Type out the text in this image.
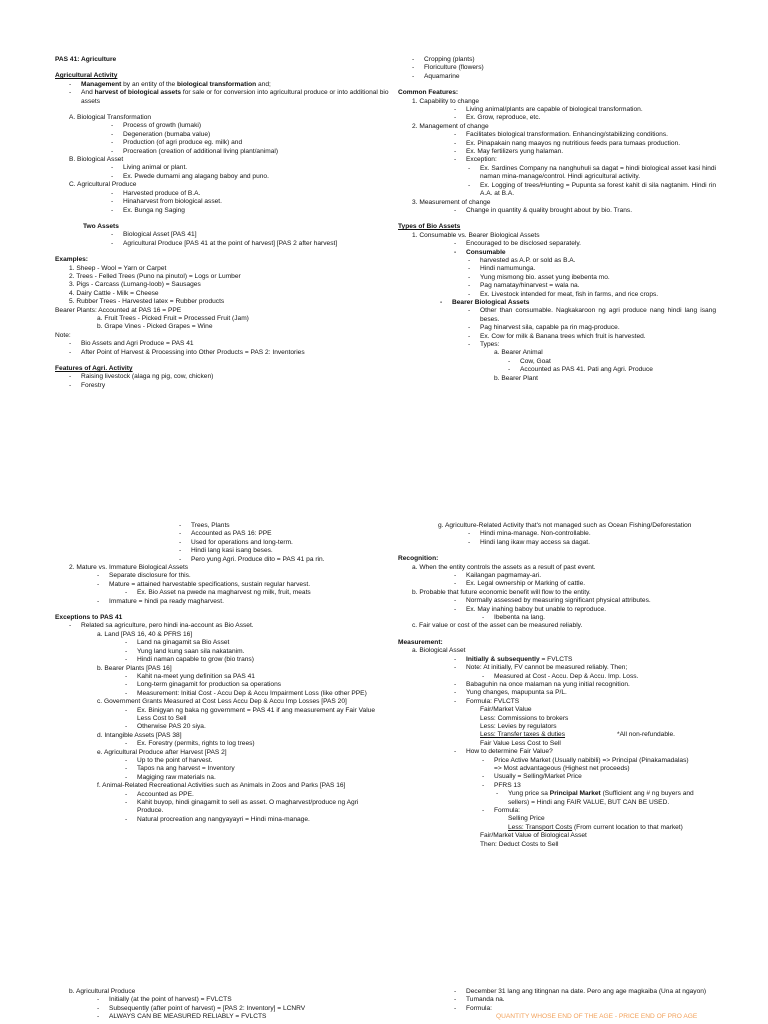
PAS 41: Agriculture
Agricultural Activity
- Management by an entity of the biological transformation and;
-	And harvest of biological assets for sale or for conversion into agricultural produce or into additional bio assets
A. Biological Transformation
- Process of growth (lumaki)
- Degeneration (bumaba value)
- Production (of agri produce eg. milk) and
- Procreation (creation of additional living plant/animal)
B. Biological Asset
- Living animal or plant.
- Ex. Pwede dumami ang alagang baboy and puno.
C. Agricultural Produce
- Harvested produce of B.A.
- Hinaharvest from biological asset.
- Ex. Bunga ng Saging
Two Assets
- Biological Asset [PAS 41]
- Agricultural Produce [PAS 41 at the point of harvest] [PAS 2 after harvest]
Examples:
1. Sheep - Wool = Yarn or Carpet
2. Trees - Felled Trees (Puno na pinutol) = Logs or Lumber
3. Pigs - Carcass (Lumang-loob) = Sausages
4. Dairy Cattle - Milk = Cheese
5. Rubber Trees - Harvested latex = Rubber products
Bearer Plants: Accounted at PAS 16 = PPE
a. Fruit Trees - Picked Fruit = Processed Fruit (Jam)
b. Grape Vines - Picked Grapes = Wine
Note:
- Bio Assets and Agri Produce = PAS 41
- After Point of Harvest & Processing into Other Products = PAS 2: Inventories
Features of Agri. Activity
- Raising livestock (alaga ng pig, cow, chicken)
- Forestry
- Cropping (plants)
- Floriculture (flowers)
- Aquamarine
Common Features:
1. Capability to change
- Living animal/plants are capable of biological transformation.
- Ex. Grow, reproduce, etc.
2. Management of change
- Facilitates biological transformation. Enhancing/stabilizing conditions.
- Ex. Pinapakain nang maayos ng nutritious feeds para tumaas production.
- Ex. May fertilizers yung halaman.
- Exception:
-	Ex. Sardines Company na nanghuhuli sa dagat = hindi biological asset kasi hindi naman mina-manage/control. Hindi agricultural activity.
-	Ex. Logging of trees/Hunting = Pupunta sa forest kahit di sila nagtanim. Hindi rin A.A. at B.A.
3. Measurement of change
- Change in quantity & quality brought about by bio. Trans.
Types of Bio Assets
1. Consumable vs. Bearer Biological Assets
- Encouraged to be disclosed separately.
- Consumable
- harvested as A.P. or sold as B.A.
- Hindi namumunga.
- Yung mismong bio. asset yung ibebenta mo.
- Pag namatay/hinarvest = wala na.
- Ex. Livestock intended for meat, fish in farms, and rice crops.
- Bearer Biological Assets
-	Other than consumable. Nagkakaroon ng agri produce nang hindi lang isang beses.
- Pag hinarvest sila, capable pa rin mag-produce.
- Ex. Cow for milk & Banana trees which fruit is harvested.
- Types:
a. Bearer Animal
- Cow, Goat
- Accounted as PAS 41. Pati ang Agri. Produce
b. Bearer Plant
- Trees, Plants
- Accounted as PAS 16: PPE
- Used for operations and long-term.
- Hindi lang kasi isang beses.
- Pero yung Agri. Produce dito = PAS 41 pa rin.
2. Mature vs. Immature Biological Assets
- Separate disclosure for this.
- Mature = attained harvestable specifications, sustain regular harvest.
- Ex. Bio Asset na pwede na magharvest ng milk, fruit, meats
- Immature = hindi pa ready magharvest.
Exceptions to PAS 41
- Related sa agriculture, pero hindi ina-account as Bio Asset.
a. Land [PAS 16, 40 & PFRS 16]
- Land na ginagamit sa Bio Asset
- Yung land kung saan sila nakatanim.
- Hindi naman capable to grow (bio trans)
b. Bearer Plants [PAS 16]
- Kahit na-meet yung definition sa PAS 41
- Long-term ginagamit for production sa operations
-	Measurement: Initial Cost - Accu Dep & Accu Impairment Loss (like other PPE)
c. Government Grants Measured at Cost Less Accu Dep & Accu Imp Losses [PAS 20]
-	Ex. Binigyan ng baka ng government = PAS 41 if ang measurement ay Fair Value Less Cost to Sell
- Otherwise PAS 20 siya.
d. Intangible Assets [PAS 38]
- Ex. Forestry (permits, rights to log trees)
e. Agricultural Produce after Harvest [PAS 2]
- Up to the point of harvest.
- Tapos na ang harvest = Inventory
- Magiging raw materials na.
f. Animal-Related Recreational Activities such as Animals in Zoos and Parks [PAS 16]
- Accounted as PPE.
-	Kahit buyop, hindi ginagamit to sell as asset. O magharvest/produce ng Agri Produce.
- Natural procreation ang nangyayayri = Hindi mina-manage.
g. Agriculture-Related Activity that's not managed such as Ocean Fishing/Deforestation
- Hindi mina-manage. Non-controllable.
- Hindi lang ikaw may access sa dagat.
Recognition:
a. When the entity controls the assets as a result of past event.
- Kailangan pagmamay-ari.
- Ex. Legal ownership or Marking of cattle.
b. Probable that future economic benefit will flow to the entity.
- Normally assessed by measuring significant physical attributes.
- Ex. May inahing baboy but unable to reproduce.
- Ibebenta na lang.
c. Fair value or cost of the asset can be measured reliably.
Measurement:
a. Biological Asset
- Initially & subsequently = FVLCTS
- Note: At initially, FV cannot be measured reliably. Then;
- Measured at Cost - Accu. Dep & Accu. Imp. Loss.
- Babaguhin na once malaman na yung initial recognition.
- Yung changes, mapupunta sa P/L.
- Formula: FVLCTS
Fair/Market Value
Less: Commissions to brokers
Less: Levies by regulators
Less: Transfer taxes & duties	*All non-refundable.
Fair Value Less Cost to Sell
- How to determine Fair Value?
- Price Active Market (Usually nabibili) => Principal (Pinakamadalas)
=> Most advantageous (Highest net proceeds)
- Usually = Selling/Market Price
- PFRS 13
-	Yung price sa Principal Market (Sufficient ang # ng buyers and sellers) = Hindi ang FAIR VALUE, BUT CAN BE USED.
- Formula:
Selling Price
Less: Transport Costs (From current location to that market)
Fair/Market Value of Biological Asset
Then: Deduct Costs to Sell
b. Agricultural Produce
- Initially (at the point of harvest) = FVLCTS
- Subsequently (after point of harvest) = [PAS 2: Inventory] = LCNRV
- ALWAYS CAN BE MEASURED RELIABLY = FVLCTS
-	December 31 lang ang titingnan na date. Pero ang age magkaiba (Una at ngayon)
- Tumanda na.
- Formula:
QUANTITY WHOSE END OF THE AGE - PRICE END OF PRO AGE
